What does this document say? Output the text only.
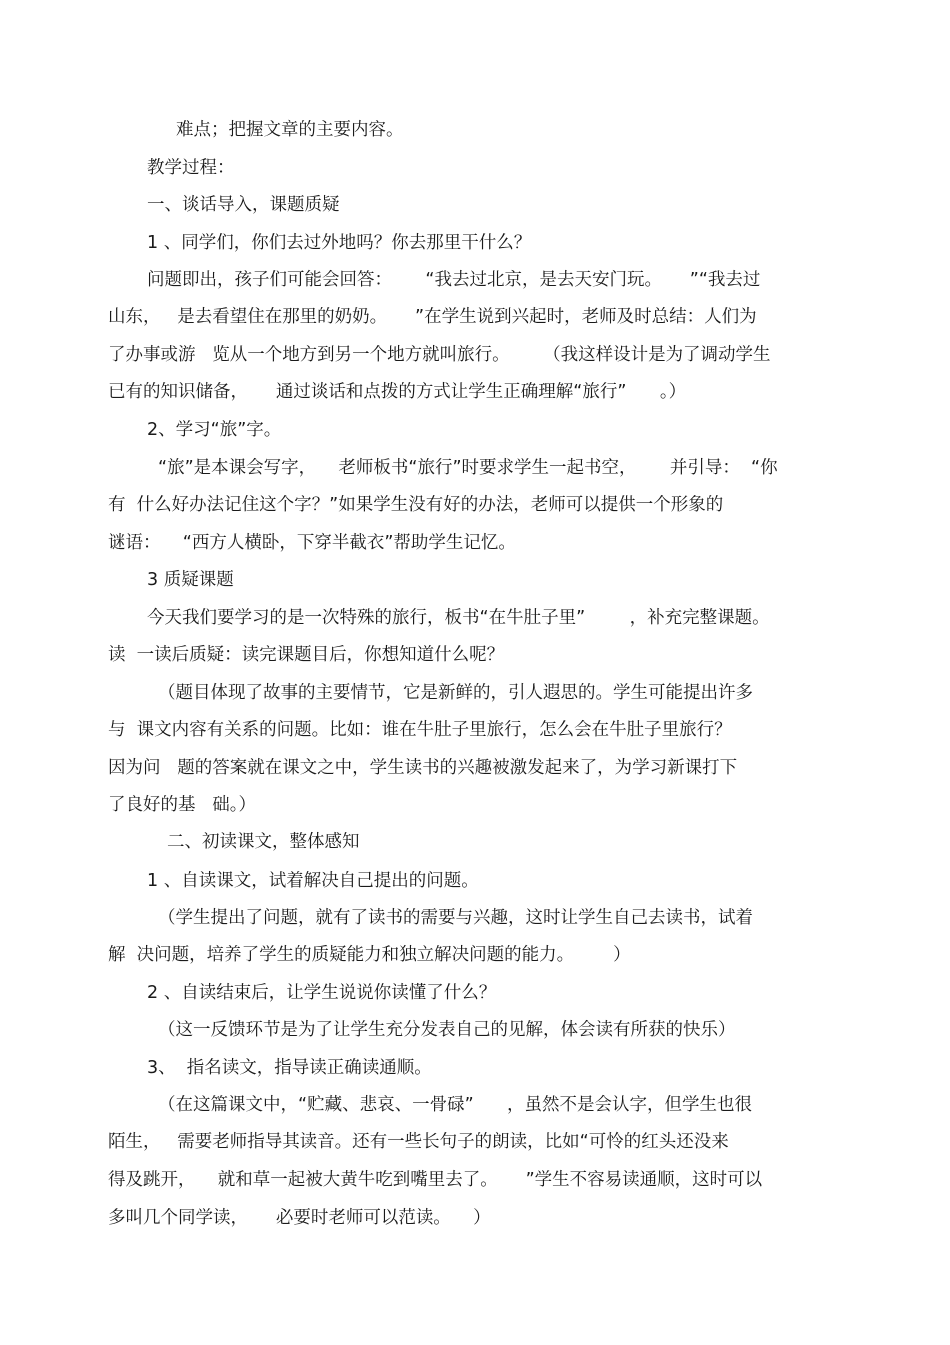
难点；把握文章的主要内容。
教学过程：
一、谈话导入，课题质疑
1 、同学们，你们去过外地吗？你去那里干什么？
问题即出，孩子们可能会回答：      “我去过北京，是去天安门玩。     ”“我去过
山东，   是去看望住在那里的奶奶。     ”在学生说到兴起时，老师及时总结：人们为
了办事或游   览从一个地方到另一个地方就叫旅行。      （我这样设计是为了调动学生
已有的知识储备，     通过谈话和点拨的方式让学生正确理解“旅行”      。）
2、学习“旅”字。
“旅”是本课会写字，    老师板书“旅行”时要求学生一起书空，      并引导：  “你
有  什么好办法记住这个字？”如果学生没有好的办法，老师可以提供一个形象的
谜语：    “西方人横卧，下穿半截衣”帮助学生记忆。
3 质疑课题
今天我们要学习的是一次特殊的旅行，板书“在牛肚子里”        ，补充完整课题。
读  一读后质疑：读完课题目后，你想知道什么呢？
（题目体现了故事的主要情节，它是新鲜的，引人遐思的。学生可能提出许多
与  课文内容有关系的问题。比如：谁在牛肚子里旅行，怎么会在牛肚子里旅行？
因为问   题的答案就在课文之中，学生读书的兴趣被激发起来了，为学习新课打下
了良好的基   础。）
二、初读课文，整体感知
1 、自读课文，试着解决自己提出的问题。
（学生提出了问题，就有了读书的需要与兴趣，这时让学生自己去读书，试着
解  决问题，培养了学生的质疑能力和独立解决问题的能力。       ）
2 、自读结束后，让学生说说你读懂了什么？
（这一反馈环节是为了让学生充分发表自己的见解，体会读有所获的快乐）
3、  指名读文，指导读正确读通顺。
（在这篇课文中，“贮藏、悲哀、一骨碌”      ，虽然不是会认字，但学生也很
陌生，   需要老师指导其读音。还有一些长句子的朗读，比如“可怜的红头还没来
得及跳开，    就和草一起被大黄牛吃到嘴里去了。     ”学生不容易读通顺，这时可以
多叫几个同学读，     必要时老师可以范读。    ）
